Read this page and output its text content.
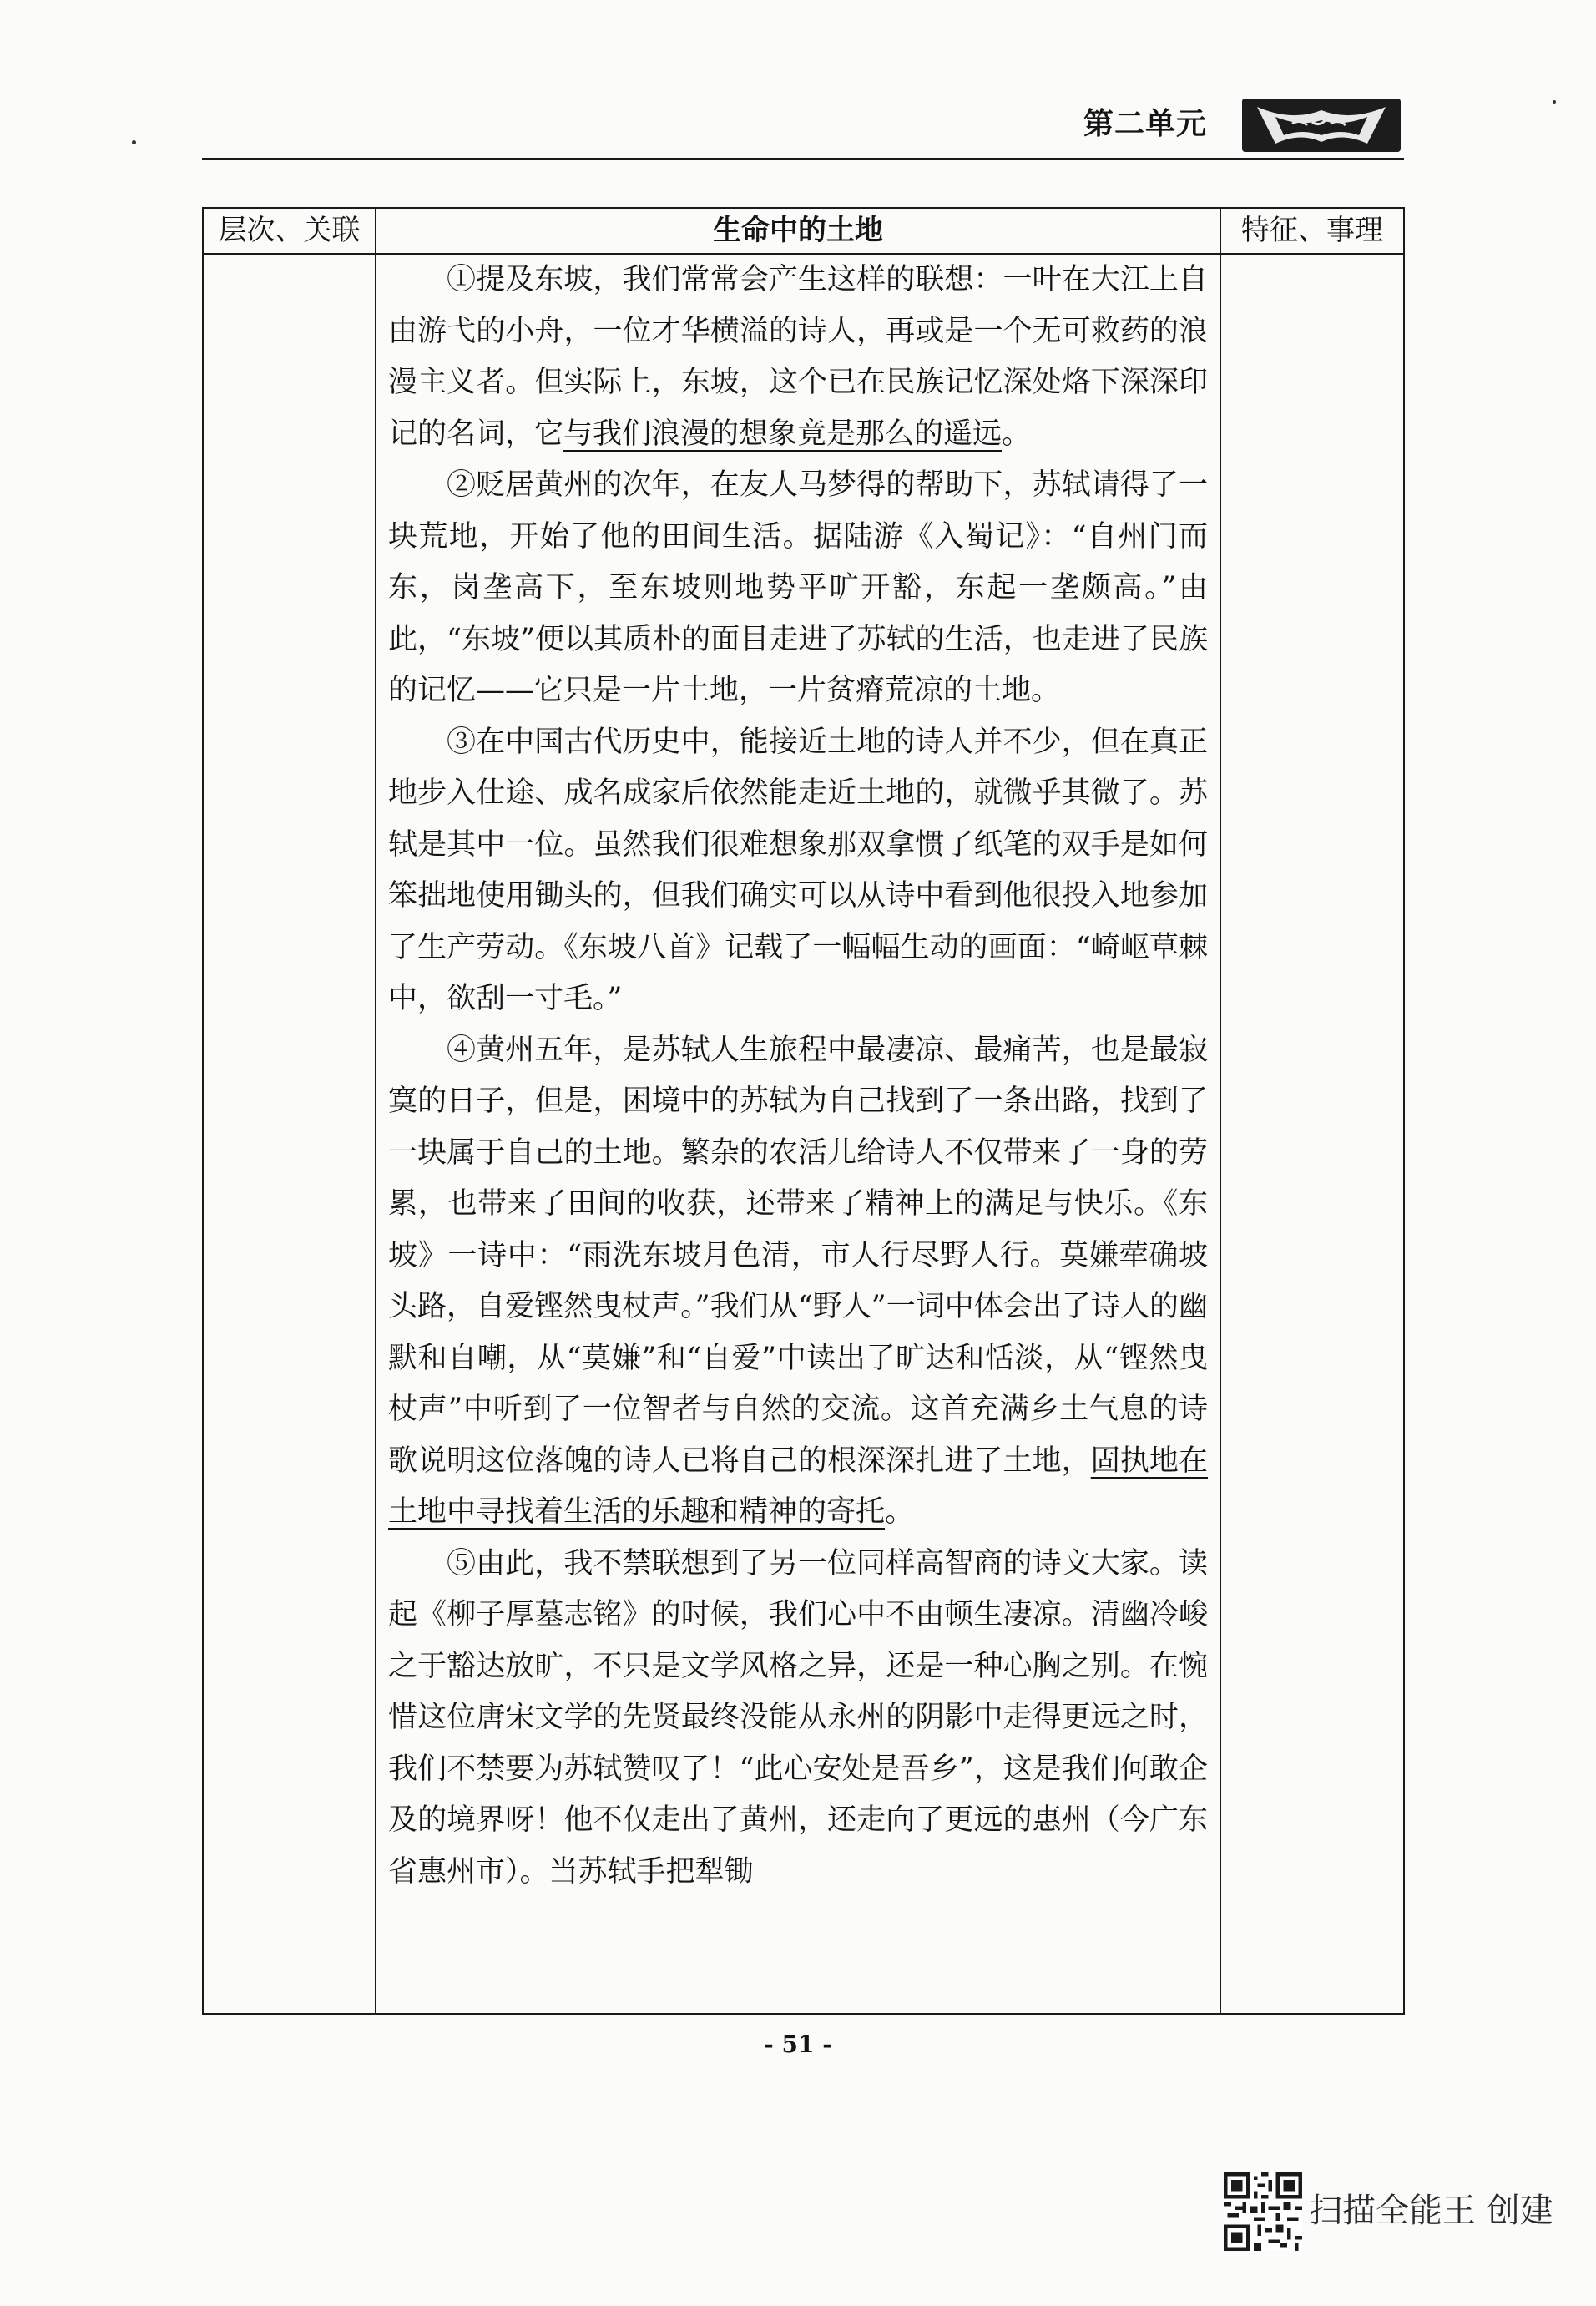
第二单元
层次、关联	生命中的土地	特征、事理

①提及东坡，我们常常会产生这样的联想：一叶在大江上自由游弋的小舟，一位才华横溢的诗人，再或是一个无可救药的浪漫主义者。但实际上，东坡，这个已在民族记忆深处烙下深深印记的名词，它与我们浪漫的想象竟是那么的遥远。

②贬居黄州的次年，在友人马梦得的帮助下，苏轼请得了一块荒地，开始了他的田间生活。据陆游《入蜀记》：“自州门而东，岗垄高下，至东坡则地势平旷开豁，东起一垄颇高。”由此，“东坡”便以其质朴的面目走进了苏轼的生活，也走进了民族的记忆——它只是一片土地，一片贫瘠荒凉的土地。

③在中国古代历史中，能接近土地的诗人并不少，但在真正地步入仕途、成名成家后依然能走近土地的，就微乎其微了。苏轼是其中一位。虽然我们很难想象那双拿惯了纸笔的双手是如何笨拙地使用锄头的，但我们确实可以从诗中看到他很投入地参加了生产劳动。《东坡八首》记载了一幅幅生动的画面：“崎岖草棘中，欲刮一寸毛。”

④黄州五年，是苏轼人生旅程中最凄凉、最痛苦，也是最寂寞的日子，但是，困境中的苏轼为自己找到了一条出路，找到了一块属于自己的土地。繁杂的农活儿给诗人不仅带来了一身的劳累，也带来了田间的收获，还带来了精神上的满足与快乐。《东坡》一诗中：“雨洗东坡月色清，市人行尽野人行。莫嫌荦确坡头路，自爱铿然曳杖声。”我们从“野人”一词中体会出了诗人的幽默和自嘲，从“莫嫌”和“自爱”中读出了旷达和恬淡，从“铿然曳杖声”中听到了一位智者与自然的交流。这首充满乡土气息的诗歌说明这位落魄的诗人已将自己的根深深扎进了土地，固执地在土地中寻找着生活的乐趣和精神的寄托。

⑤由此，我不禁联想到了另一位同样高智商的诗文大家。读起《柳子厚墓志铭》的时候，我们心中不由顿生凄凉。清幽冷峻之于豁达放旷，不只是文学风格之异，还是一种心胸之别。在惋惜这位唐宋文学的先贤最终没能从永州的阴影中走得更远之时，我们不禁要为苏轼赞叹了！“此心安处是吾乡”，这是我们何敢企及的境界呀！他不仅走出了黄州，还走向了更远的惠州（今广东省惠州市）。当苏轼手把犁锄

- 51 -
扫描全能王 创建
